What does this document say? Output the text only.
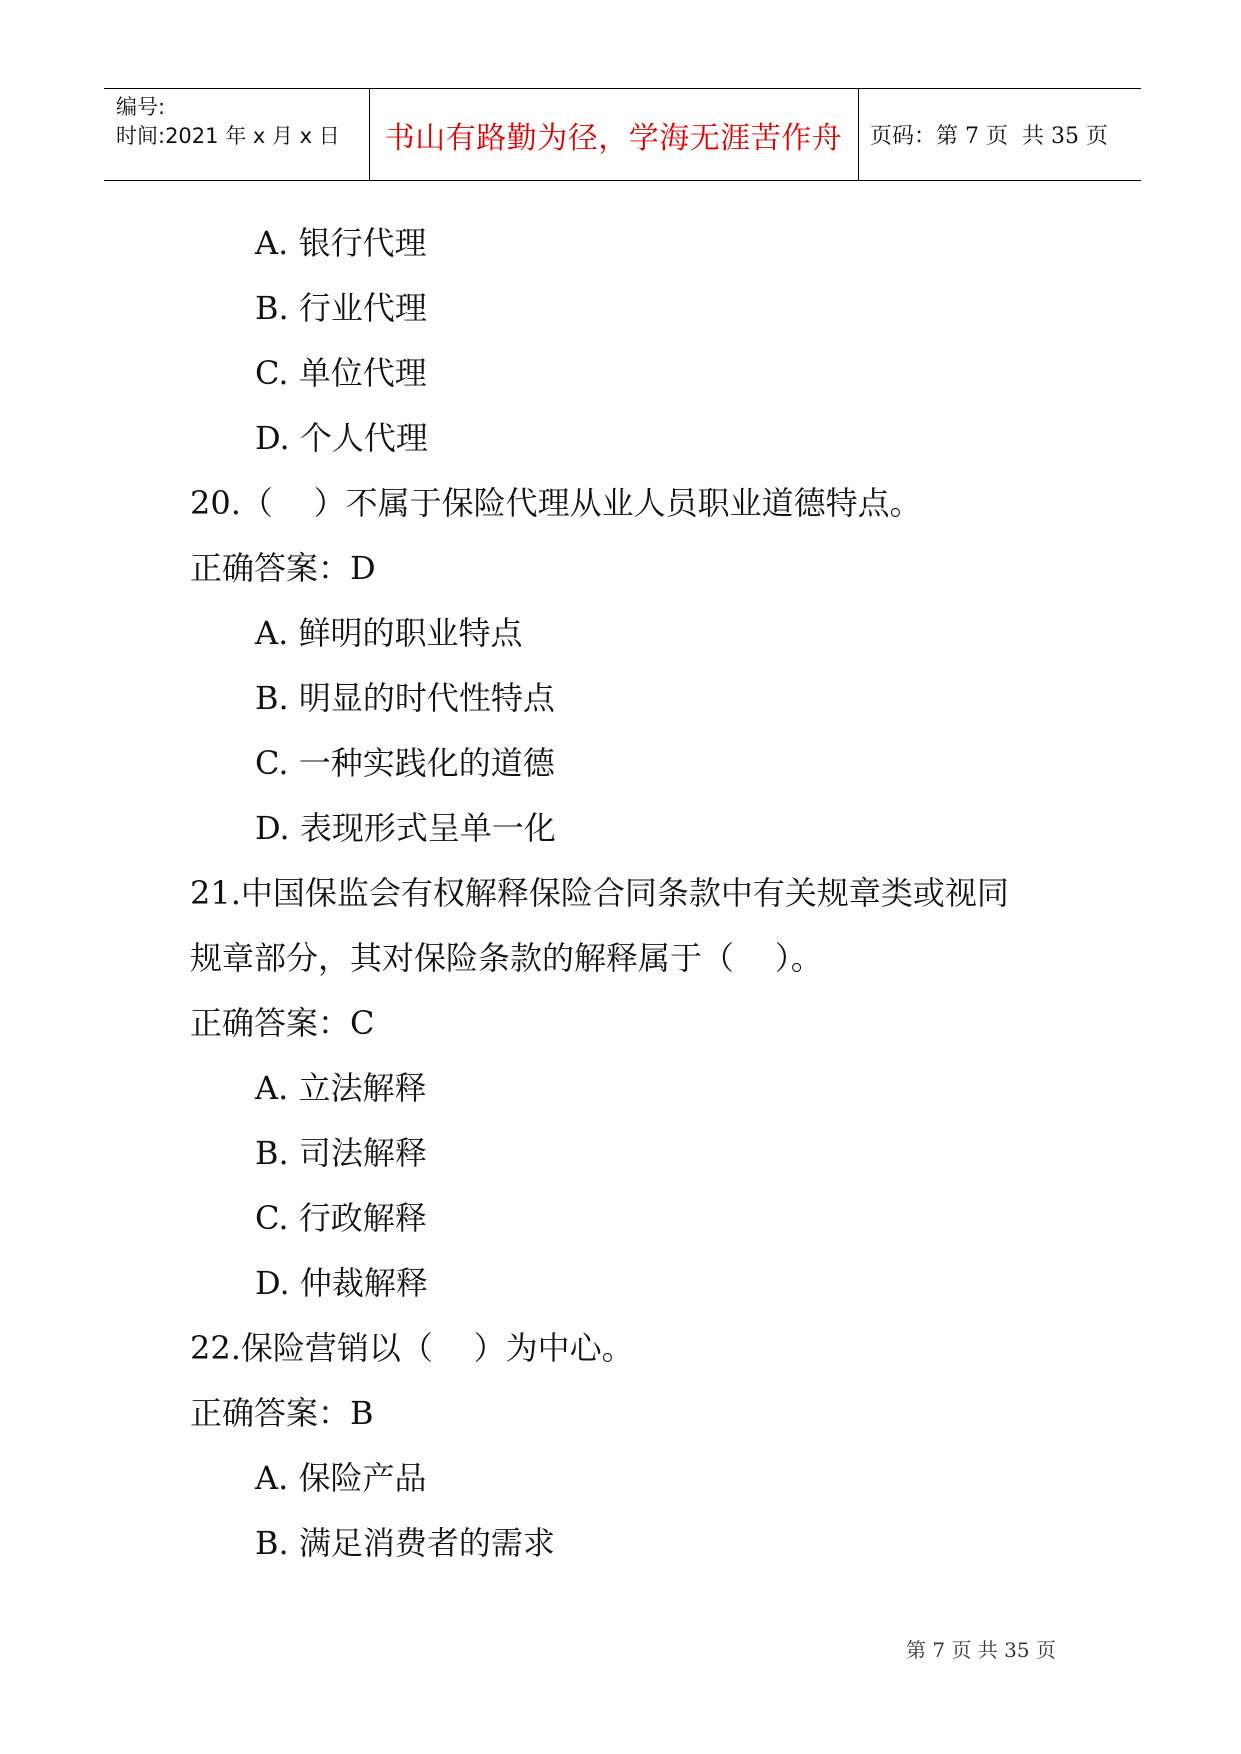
编号:
时间:2021 年 x 月 x 日	书山有路勤为径，学海无涯苦作舟	页码：第 7 页  共 35 页
A. 银行代理
B. 行业代理
C. 单位代理
D. 个人代理
20.（    ）不属于保险代理从业人员职业道德特点。
正确答案：D
A. 鲜明的职业特点
B. 明显的时代性特点
C. 一种实践化的道德
D. 表现形式呈单一化
21.中国保监会有权解释保险合同条款中有关规章类或视同
规章部分，其对保险条款的解释属于（    ）。
正确答案：C
A. 立法解释
B. 司法解释
C. 行政解释
D. 仲裁解释
22.保险营销以（    ）为中心。
正确答案：B
A. 保险产品
B. 满足消费者的需求
第 7 页 共 35 页
